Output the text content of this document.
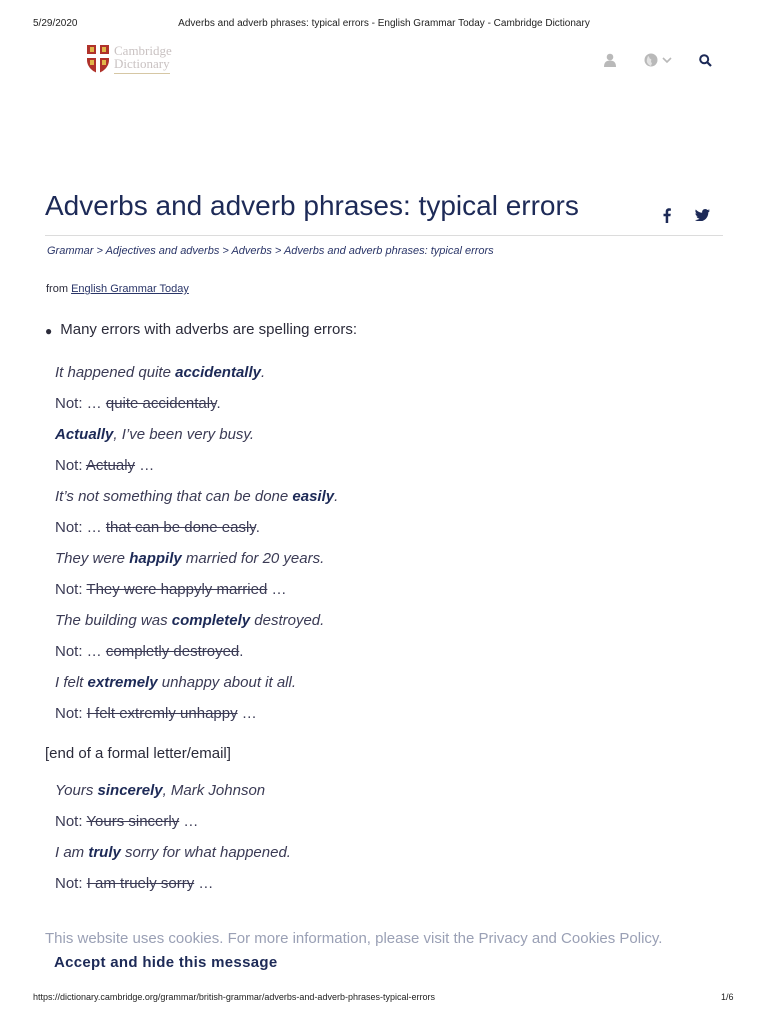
5/29/2020	Adverbs and adverb phrases: typical errors - English Grammar Today - Cambridge Dictionary
Cambridge
Dictionary
Adverbs and adverb phrases: typical errors
Grammar > Adjectives and adverbs > Adverbs > Adverbs and adverb phrases: typical errors
from English Grammar Today
● Many errors with adverbs are spelling errors:
It happened quite accidentally.
Not: … quite accidentaly.
Actually, I’ve been very busy.
Not: Actualy …
It’s not something that can be done easily.
Not: … that can be done easly.
They were happily married for 20 years.
Not: They were happyly married …
The building was completely destroyed.
Not: … completly destroyed.
I felt extremely unhappy about it all.
Not: I felt extremly unhappy …
[end of a formal letter/email]
Yours sincerely, Mark Johnson
Not: Yours sincerly …
I am truly sorry for what happened.
Not: I am truely sorry …
This website uses cookies. For more information, please visit the Privacy and Cookies Policy.
Accept and hide this message
https://dictionary.cambridge.org/grammar/british-grammar/adverbs-and-adverb-phrases-typical-errors	1/6
